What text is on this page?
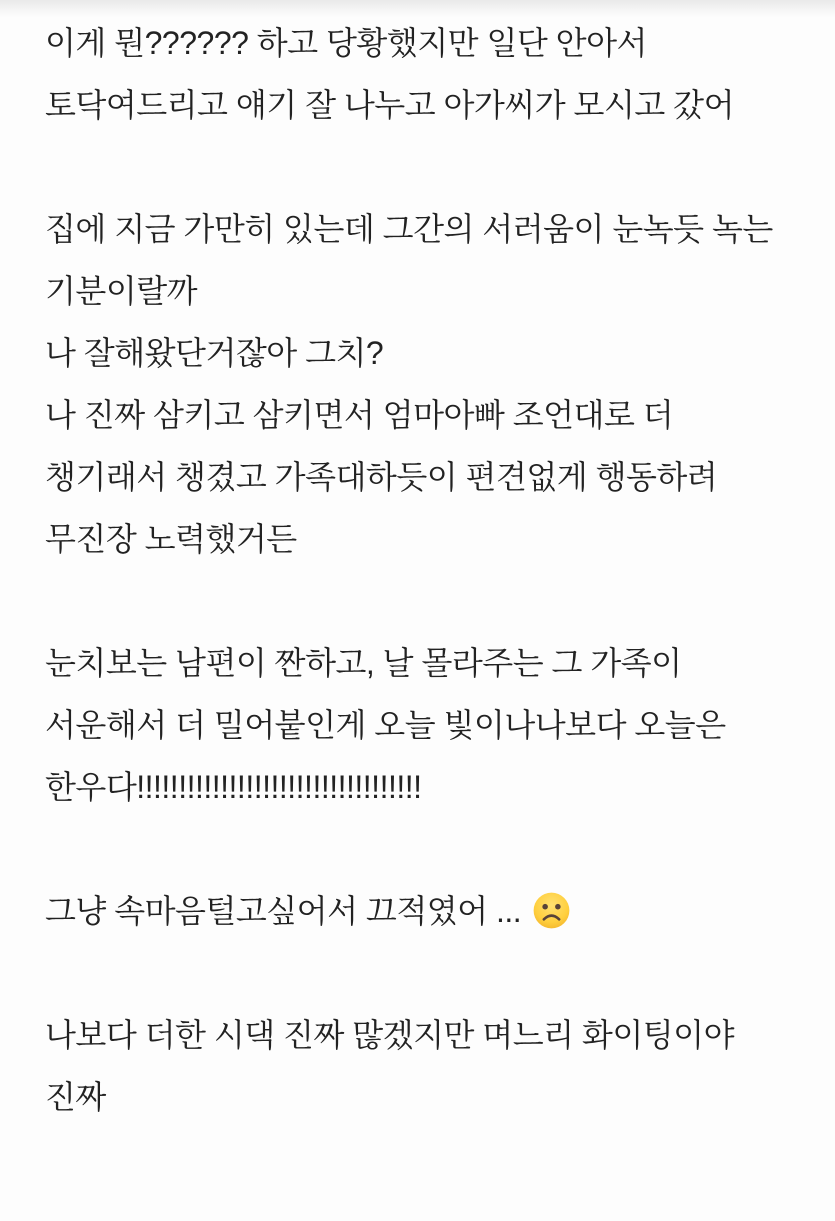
이게 뭔?????? 하고 당황했지만 일단 안아서
토닥여드리고 얘기 잘 나누고 아가씨가 모시고 갔어

집에 지금 가만히 있는데 그간의 서러움이 눈녹듯 녹는
기분이랄까
나 잘해왔단거잖아 그치?
나 진짜 삼키고 삼키면서 엄마아빠 조언대로 더
챙기래서 챙겼고 가족대하듯이 편견없게 행동하려
무진장 노력했거든

눈치보는 남편이 짠하고, 날 몰라주는 그 가족이
서운해서 더 밀어붙인게 오늘 빛이나나보다 오늘은
한우다!!!!!!!!!!!!!!!!!!!!!!!!!!!!!!!!!!

그냥 속마음털고싶어서 끄적였어 ...

나보다 더한 시댁 진짜 많겠지만 며느리 화이팅이야
진짜
